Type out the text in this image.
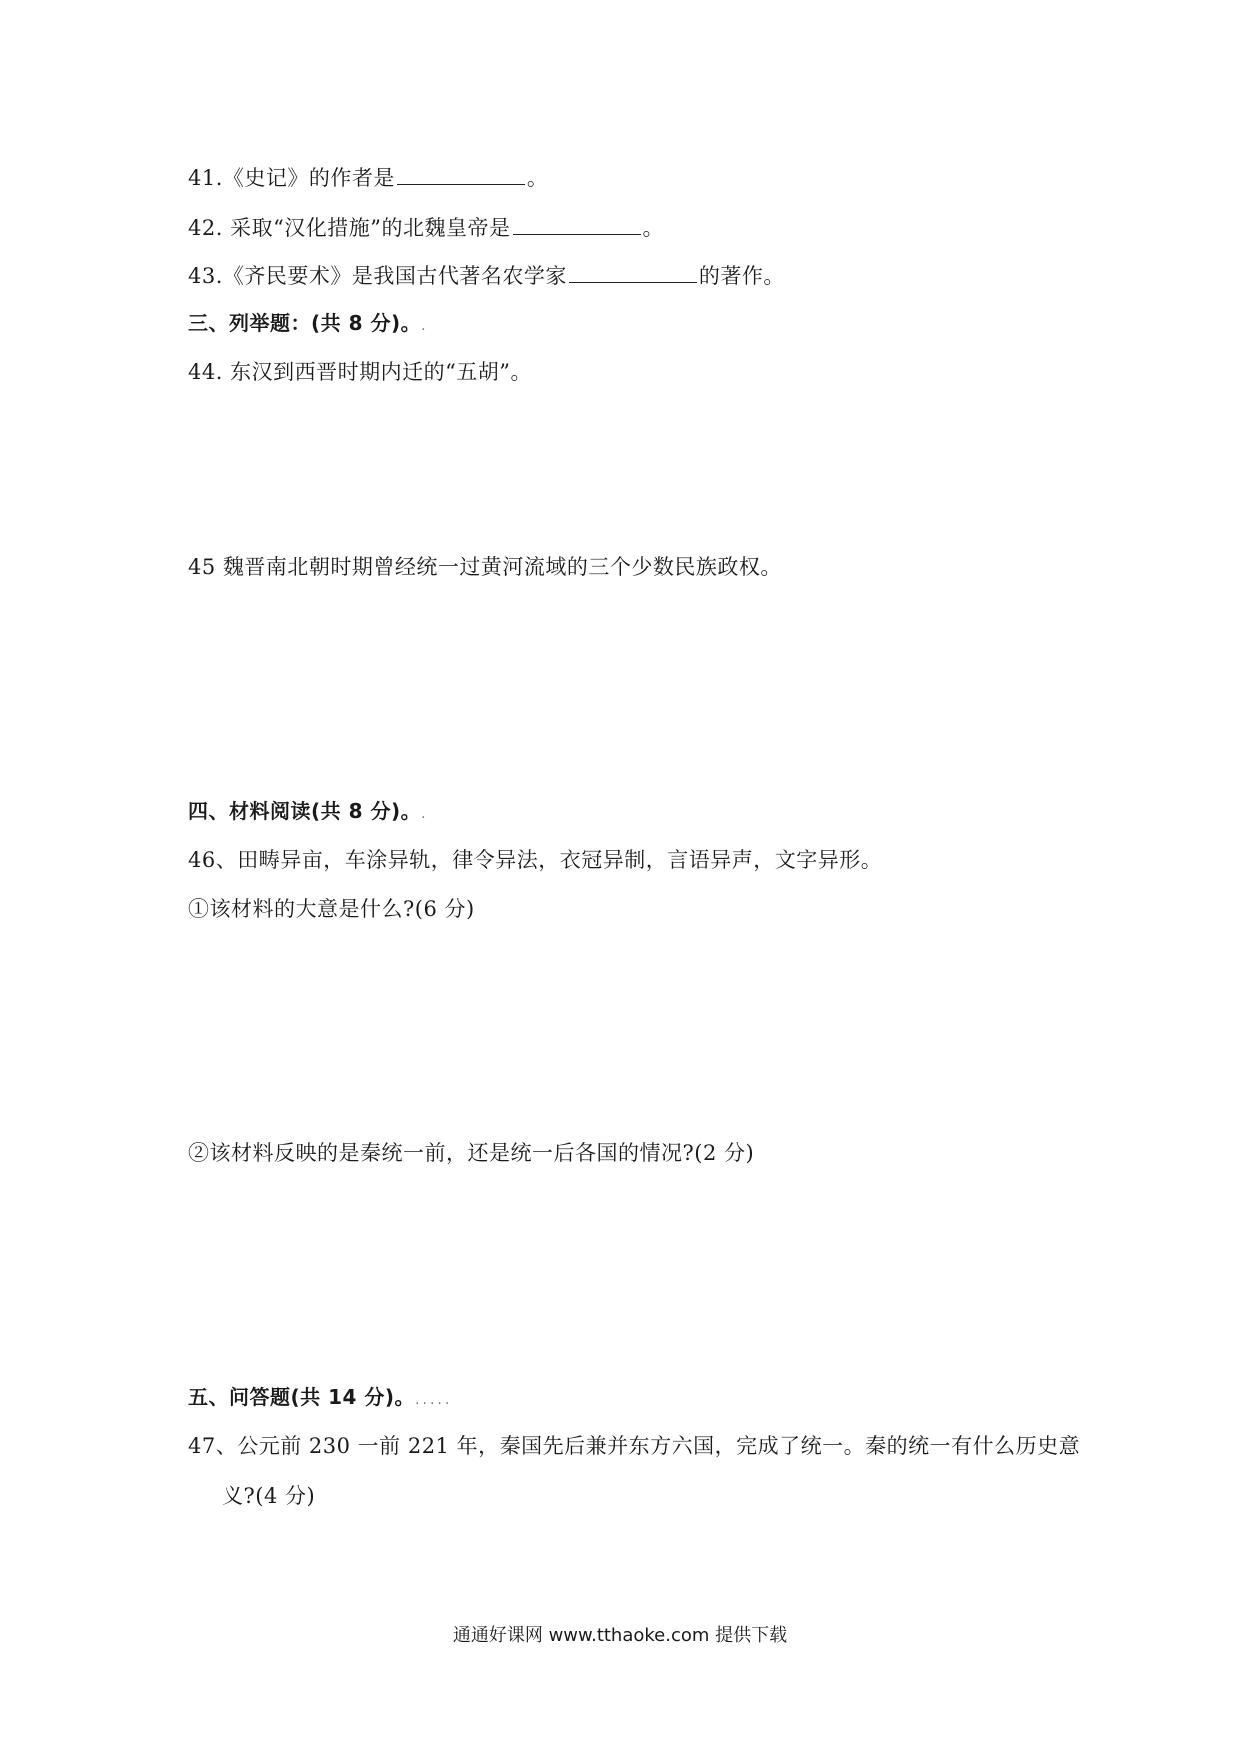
41.《史记》的作者是	。
42. 采取“汉化措施”的北魏皇帝是	。
43.《齐民要术》是我国古代著名农学家	的著作。
三、列举题：(共 8 分)。.
44. 东汉到西晋时期内迁的“五胡”。
45 魏晋南北朝时期曾经统一过黄河流域的三个少数民族政权。
四、材料阅读(共 8 分)。.
46、田畴异亩，车涂异轨，律令异法，衣冠异制，言语异声，文字异形。
①该材料的大意是什么?(6 分)
②该材料反映的是秦统一前，还是统一后各国的情况?(2 分)
五、问答题(共 14 分)。.....
47、公元前 230 一前 221 年，秦国先后兼并东方六国，完成了统一。秦的统一有什么历史意
义?(4 分)
通通好课网 www.tthaoke.com 提供下载
